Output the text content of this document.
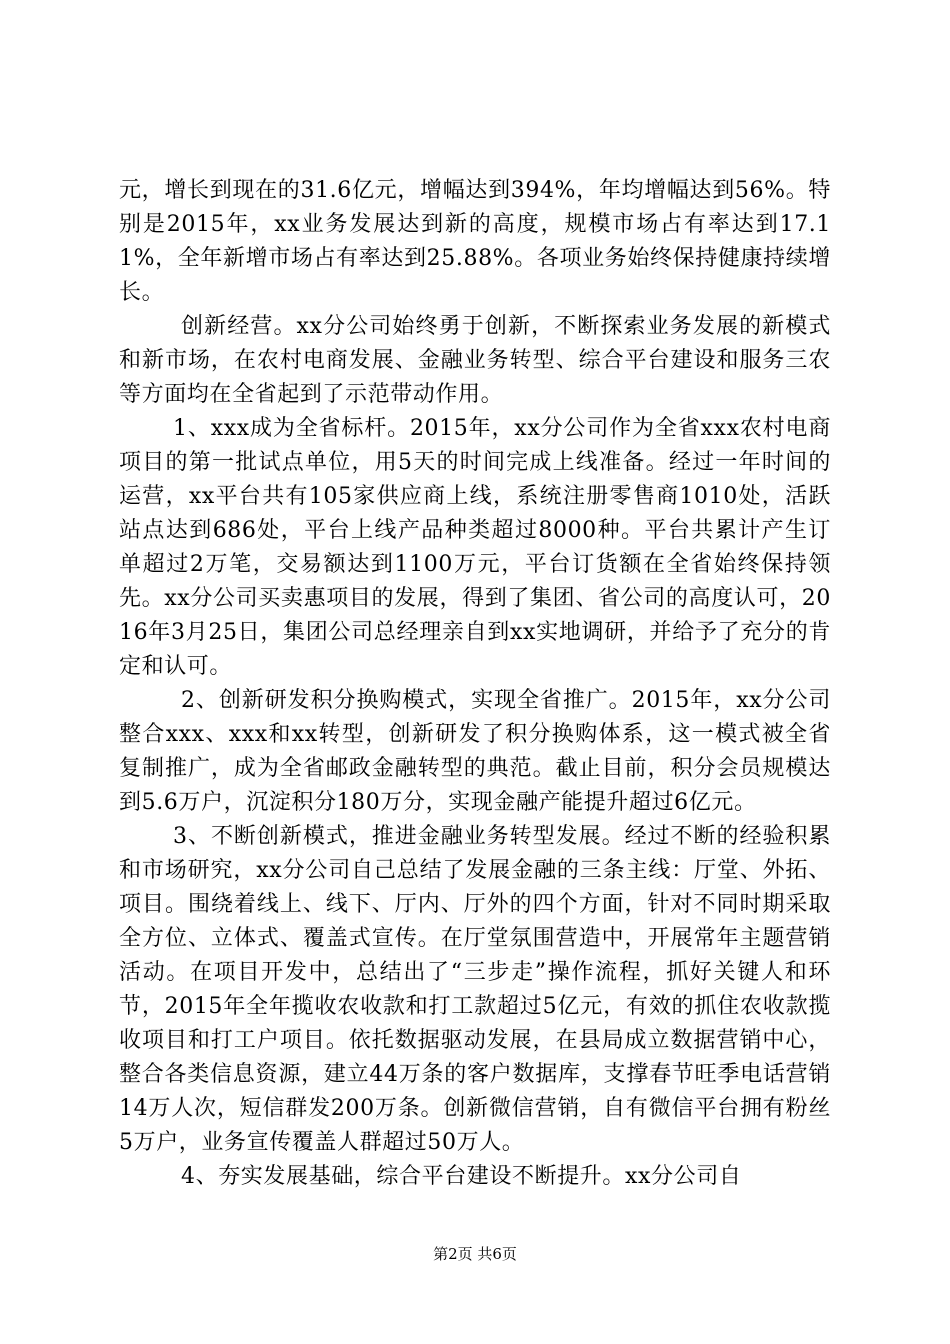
元，增长到现在的31.6亿元，增幅达到394%，年均增幅达到56%。特别是2015年，xx业务发展达到新的高度，规模市场占有率达到17.11%，全年新增市场占有率达到25.88%。各项业务始终保持健康持续增长。

创新经营。xx分公司始终勇于创新，不断探索业务发展的新模式和新市场，在农村电商发展、金融业务转型、综合平台建设和服务三农等方面均在全省起到了示范带动作用。

1、xxx成为全省标杆。2015年，xx分公司作为全省xxx农村电商项目的第一批试点单位，用5天的时间完成上线准备。经过一年时间的运营，xx平台共有105家供应商上线，系统注册零售商1010处，活跃站点达到686处，平台上线产品种类超过8000种。平台共累计产生订单超过2万笔，交易额达到1100万元，平台订货额在全省始终保持领先。xx分公司买卖惠项目的发展，得到了集团、省公司的高度认可，2016年3月25日，集团公司总经理亲自到xx实地调研，并给予了充分的肯定和认可。

2、创新研发积分换购模式，实现全省推广。2015年，xx分公司整合xxx、xxx和xx转型，创新研发了积分换购体系，这一模式被全省复制推广，成为全省邮政金融转型的典范。截止目前，积分会员规模达到5.6万户，沉淀积分180万分，实现金融产能提升超过6亿元。

3、不断创新模式，推进金融业务转型发展。经过不断的经验积累和市场研究，xx分公司自己总结了发展金融的三条主线：厅堂、外拓、项目。围绕着线上、线下、厅内、厅外的四个方面，针对不同时期采取全方位、立体式、覆盖式宣传。在厅堂氛围营造中，开展常年主题营销活动。在项目开发中，总结出了“三步走”操作流程，抓好关键人和环节，2015年全年揽收农收款和打工款超过5亿元，有效的抓住农收款揽收项目和打工户项目。依托数据驱动发展，在县局成立数据营销中心，整合各类信息资源，建立44万条的客户数据库，支撑春节旺季电话营销14万人次，短信群发200万条。创新微信营销，自有微信平台拥有粉丝5万户，业务宣传覆盖人群超过50万人。

4、夯实发展基础，综合平台建设不断提升。xx分公司自

第2页 共6页
